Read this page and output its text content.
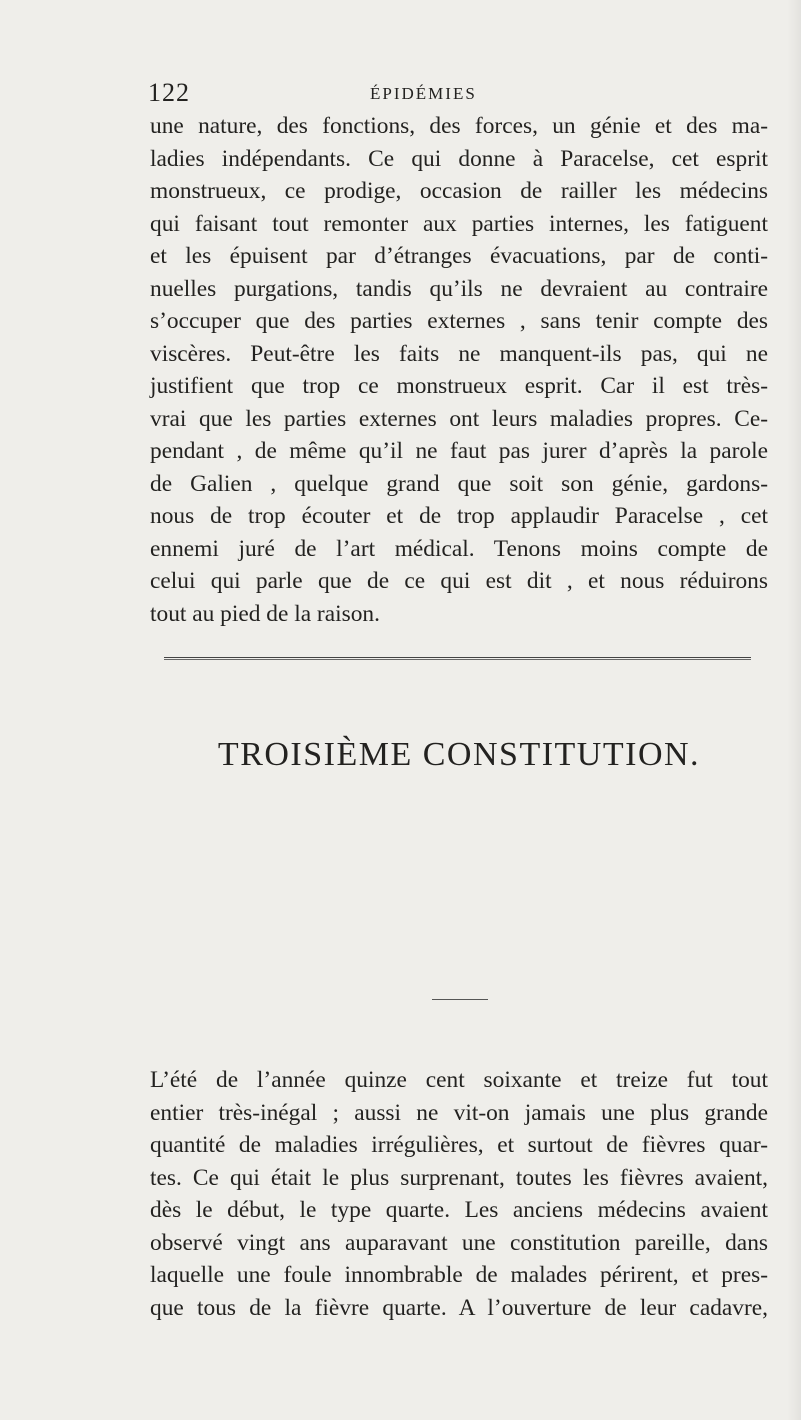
122	ÉPIDÉMIES

une nature, des fonctions, des forces, un génie et des ma-
ladies indépendants. Ce qui donne à Paracelse, cet esprit
monstrueux, ce prodige, occasion de railler les médecins
qui faisant tout remonter aux parties internes, les fatiguent
et les épuisent par d’étranges évacuations, par de conti-
nuelles purgations, tandis qu’ils ne devraient au contraire
s’occuper que des parties externes , sans tenir compte des
viscères. Peut-être les faits ne manquent-ils pas, qui ne
justifient que trop ce monstrueux esprit. Car il est très-
vrai que les parties externes ont leurs maladies propres. Ce-
pendant , de même qu’il ne faut pas jurer d’après la parole
de Galien , quelque grand que soit son génie, gardons-
nous de trop écouter et de trop applaudir Paracelse , cet
ennemi juré de l’art médical. Tenons moins compte de
celui qui parle que de ce qui est dit , et nous réduirons
tout au pied de la raison.

TROISIÈME CONSTITUTION.

L’été de l’année quinze cent soixante et treize fut tout
entier très-inégal ; aussi ne vit-on jamais une plus grande
quantité de maladies irrégulières, et surtout de fièvres quar-
tes. Ce qui était le plus surprenant, toutes les fièvres avaient,
dès le début, le type quarte. Les anciens médecins avaient
observé vingt ans auparavant une constitution pareille, dans
laquelle une foule innombrable de malades périrent, et pres-
que tous de la fièvre quarte. A l’ouverture de leur cadavre,
